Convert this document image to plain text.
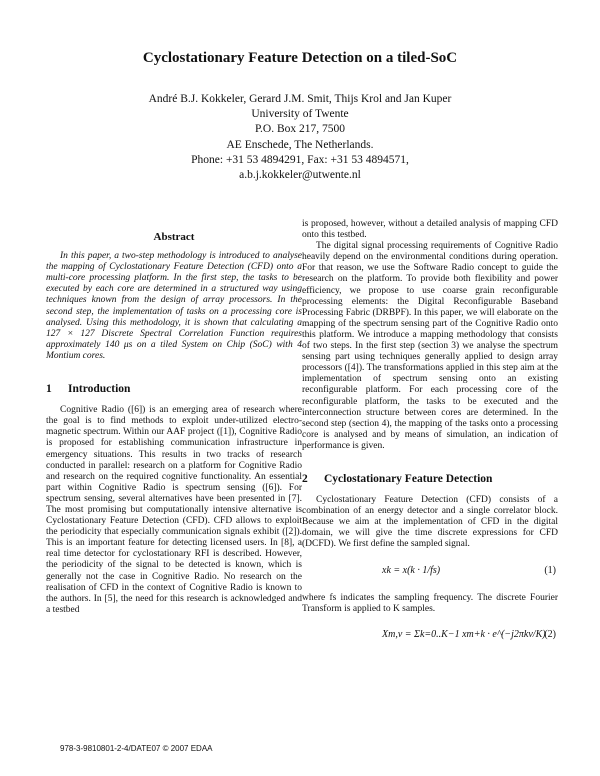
Cyclostationary Feature Detection on a tiled-SoC
André B.J. Kokkeler, Gerard J.M. Smit, Thijs Krol and Jan Kuper
University of Twente
P.O. Box 217, 7500
AE Enschede, The Netherlands.
Phone: +31 53 4894291, Fax: +31 53 4894571,
a.b.j.kokkeler@utwente.nl
Abstract

In this paper, a two-step methodology is introduced to analyse the mapping of Cyclostationary Feature Detection (CFD) onto a multi-core processing platform. In the first step, the tasks to be executed by each core are determined in a structured way using techniques known from the design of array processors. In the second step, the implementation of tasks on a processing core is analysed. Using this methodology, it is shown that calculating a 127 × 127 Discrete Spectral Correlation Function requires approximately 140 μs on a tiled System on Chip (SoC) with 4 Montium cores.

1 Introduction

Cognitive Radio ([6]) is an emerging area of research where the goal is to find methods to exploit under-utilized electro-magnetic spectrum. Within our AAF project ([1]), Cognitive Radio is proposed for establishing communication infrastructure in emergency situations. This results in two tracks of research conducted in parallel: research on a platform for Cognitive Radio and research on the required cognitive functionality. An essential part within Cognitive Radio is spectrum sensing ([6]). For spectrum sensing, several alternatives have been presented in [7]. The most promising but computationally intensive alternative is Cyclostationary Feature Detection (CFD). CFD allows to exploit the periodicity that especially communication signals exhibit ([2]). This is an important feature for detecting licensed users. In [8], a real time detector for cyclostationary RFI is described. However, the periodicity of the signal to be detected is known, which is generally not the case in Cognitive Radio. No research on the realisation of CFD in the context of Cognitive Radio is known to the authors. In [5], the need for this research is acknowledged and a testbed

is proposed, however, without a detailed analysis of mapping CFD onto this testbed.

The digital signal processing requirements of Cognitive Radio heavily depend on the environmental conditions during operation. For that reason, we use the Software Radio concept to guide the research on the platform. To provide both flexibility and power efficiency, we propose to use coarse grain reconfigurable processing elements: the Digital Reconfigurable Baseband Processing Fabric (DRBPF). In this paper, we will elaborate on the mapping of the spectrum sensing part of the Cognitive Radio onto this platform. We introduce a mapping methodology that consists of two steps. In the first step (section 3) we analyse the spectrum sensing part using techniques generally applied to design array processors ([4]). The transformations applied in this step aim at the implementation of spectrum sensing onto an existing reconfigurable platform. For each processing core of the reconfigurable platform, the tasks to be executed and the interconnection structure between cores are determined. In the second step (section 4), the mapping of the tasks onto a processing core is analysed and by means of simulation, an indication of performance is given.

2 Cyclostationary Feature Detection

Cyclostationary Feature Detection (CFD) consists of a combination of an energy detector and a single correlator block. Because we aim at the implementation of CFD in the digital domain, we will give the time discrete expressions for CFD (DCFD). We first define the sampled signal.

xk = x(k · 1/fs)	(1)

where fs indicates the sampling frequency. The discrete Fourier Transform is applied to K samples.

Xm,v = Σk=0..K−1 xm+k · e^(−j2πkv/K)
(2)
978-3-9810801-2-4/DATE07 © 2007 EDAA
